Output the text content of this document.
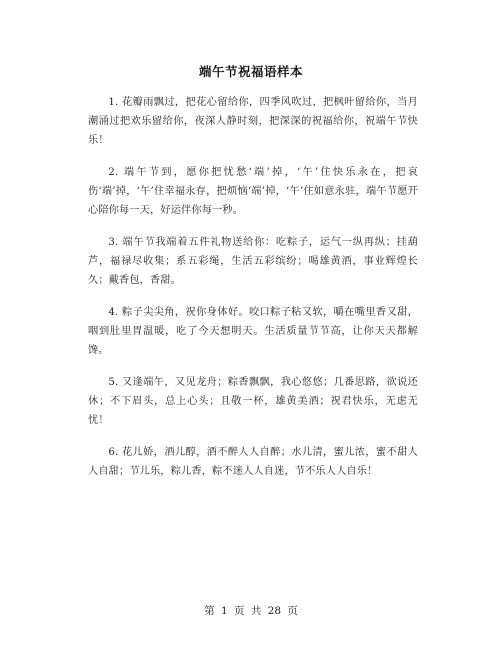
端午节祝福语样本

1. 花瓣雨飘过，把花心留给你，四季风吹过，把枫叶留给你，当月潮涌过把欢乐留给你，夜深人静时刻，把深深的祝福给你，祝端午节快乐！

2. 端午节到，愿你把忧愁‘端’掉，‘午’住快乐永在，把哀伤‘端’掉，‘午’住幸福永存，把烦恼‘端’掉，‘午’住如意永驻，端午节愿开心陪你每一天，好运伴你每一秒。

3. 端午节我端着五件礼物送给你：吃粽子，运气一纵再纵；挂葫芦，福禄尽收集；系五彩绳，生活五彩缤纷；喝雄黄酒，事业辉煌长久；戴香包，香甜。

4. 粽子尖尖角，祝你身体好。咬口粽子粘又软，嚼在嘴里香又甜，咽到肚里胃温暖，吃了今天想明天。生活质量节节高，让你天天都解馋。

5. 又逢端午，又见龙舟；粽香飘飘，我心悠悠；几番思路，欲说还休；不下眉头，总上心头；且敬一杯，雄黄美酒；祝君快乐，无虑无忧！

6. 花儿娇，酒儿醇，酒不醉人人自醉；水儿清，蜜儿浓，蜜不甜人人自甜；节儿乐，粽儿香，粽不迷人人自迷，节不乐人人自乐！

第 1 页 共 28 页
